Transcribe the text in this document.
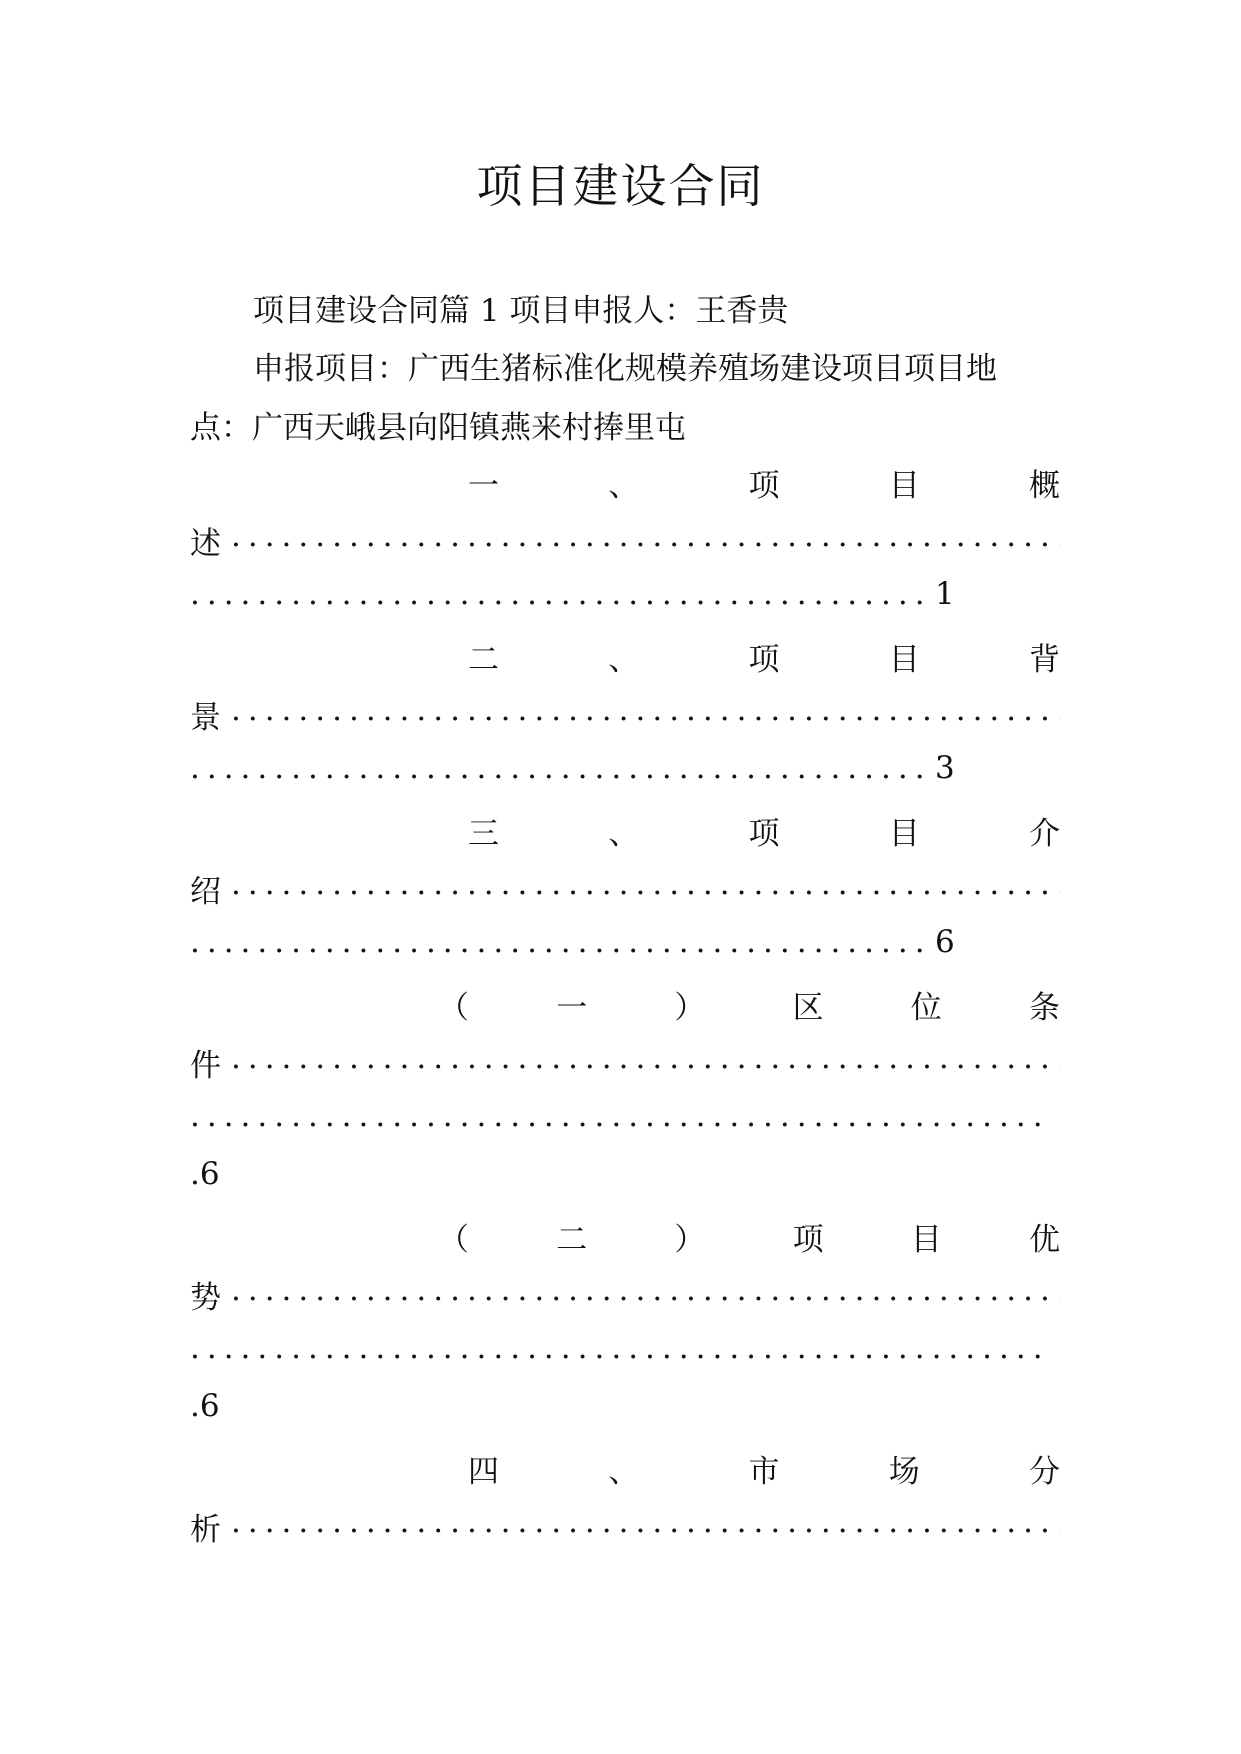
项目建设合同
项目建设合同篇 1 项目申报人：王香贵
申报项目：广西生猪标准化规模养殖场建设项目项目地
点：广西天峨县向阳镇燕来村捧里屯
一	、	项	目	概
述
.....
.....
1
二	、	项	目	背
景
.....
.....
3
三	、	项	目	介
绍
.....
.....
6
（	一	）	区	位	条
件
.....
.....
.6
（	二	）	项	目	优
势
.....
.....
.6
四	、	市	场	分
析
.....
